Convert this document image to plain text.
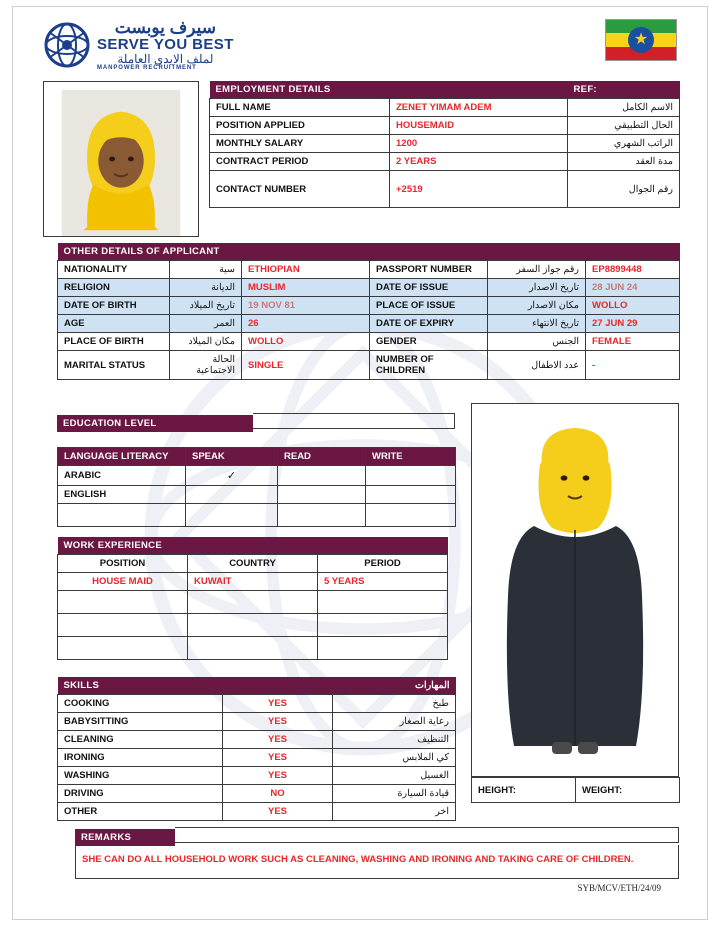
سيرف يوبست
SERVE YOU BEST
لملف الايدي العاملة
MANPOWER RECRUITMENT
★
EMPLOYMENT DETAILS		REF:
FULL NAME	ZENET YIMAM ADEM	الاسم الكامل
POSITION APPLIED	HOUSEMAID	الحال التطبيقي
MONTHLY SALARY	1200	الراتب الشهري
CONTRACT PERIOD	2 YEARS	مدة العقد
CONTACT NUMBER	+2519	رقم الجوال
OTHER DETAILS OF APPLICANT					
NATIONALITY	سية	ETHIOPIAN	PASSPORT NUMBER	رقم جواز السفر	EP8899448
RELIGION	الديانة	MUSLIM	DATE OF ISSUE	تاريخ الاصدار	28 JUN 24
DATE OF BIRTH	تاريخ الميلاد	19 NOV 81	PLACE OF ISSUE	مكان الاصدار	WOLLO
AGE	العمر	26	DATE OF EXPIRY	تاريخ الانتهاء	27 JUN 29
PLACE OF BIRTH	مكان الميلاد	WOLLO	GENDER	الجنس	FEMALE
MARITAL STATUS	الحالة الاجتماعية	SINGLE	NUMBER OF CHILDREN	عدد الاطفال	-
EDUCATION LEVEL
LANGUAGE LITERACY	SPEAK	READ	WRITE
ARABIC	✓		
ENGLISH			

WORK EXPERIENCE		
POSITION	COUNTRY	PERIOD
HOUSE MAID	KUWAIT	5 YEARS

SKILLS		المهارات
COOKING	YES	طبخ
BABYSITTING	YES	رعاية الصغار
CLEANING	YES	التنظيف
IRONING	YES	كي الملابس
WASHING	YES	الغسيل
DRIVING	NO	قيادة السيارة
OTHER	YES	اخر
HEIGHT:	WEIGHT:
REMARKS
SHE CAN DO ALL HOUSEHOLD WORK SUCH AS CLEANING, WASHING AND IRONING AND TAKING CARE OF CHILDREN.
SYB/MCV/ETH/24/09
